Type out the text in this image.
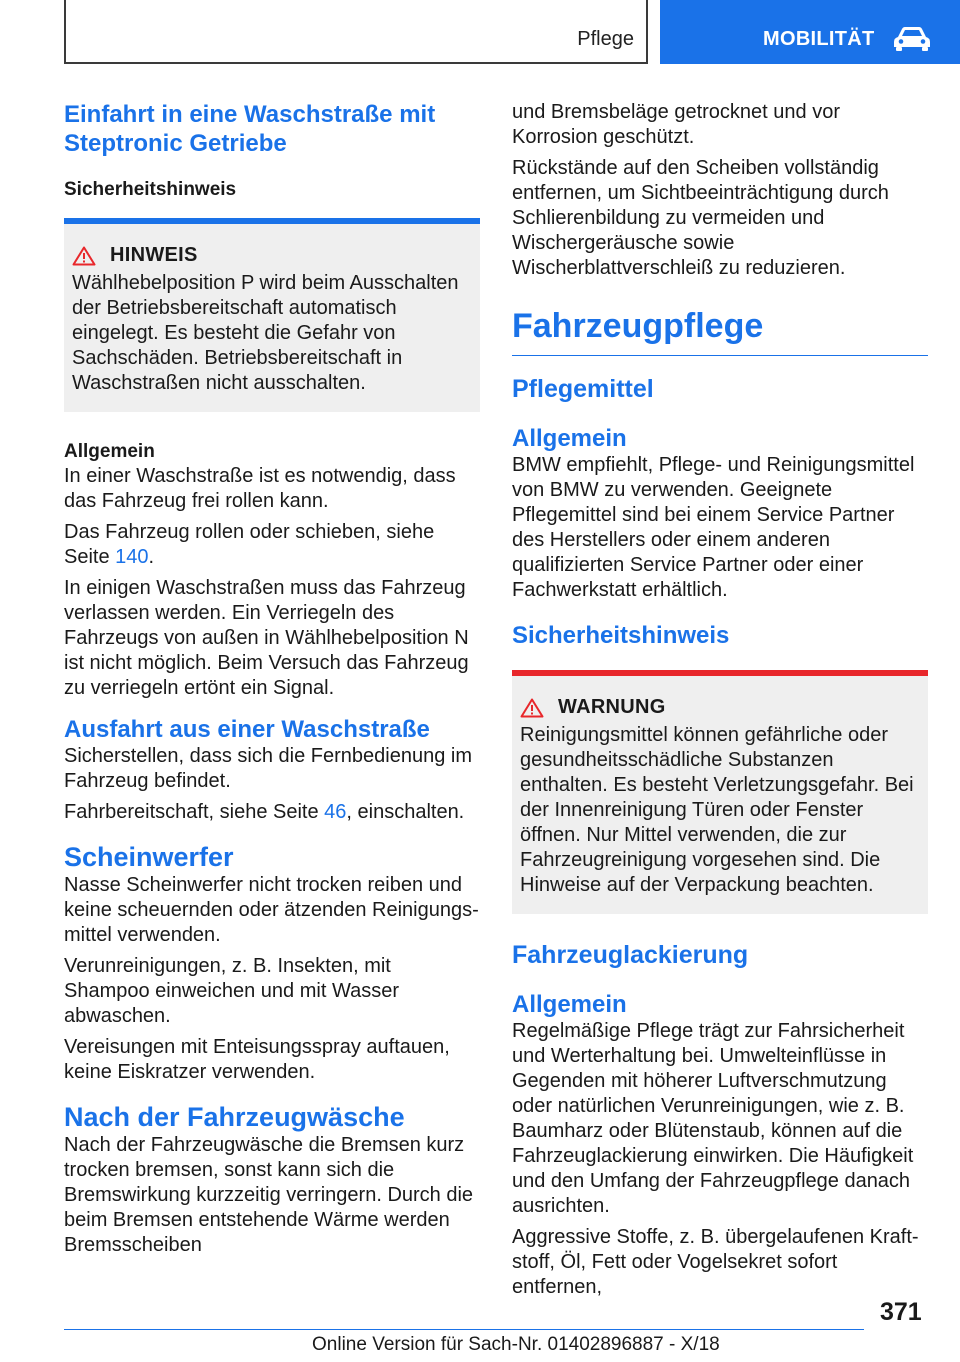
Pflege	MOBILITÄT
Einfahrt in eine Waschstraße mit Steptronic Getriebe
Sicherheitshinweis
HINWEIS

Wählhebelposition P wird beim Ausschalten der Betriebsbereitschaft automatisch eingelegt. Es besteht die Gefahr von Sachschäden. Betriebsbereitschaft in Waschstraßen nicht ausschalten.

Allgemein

In einer Waschstraße ist es notwendig, dass das Fahrzeug frei rollen kann.

Das Fahrzeug rollen oder schieben, siehe Seite 140.

In einigen Waschstraßen muss das Fahrzeug verlassen werden. Ein Verriegeln des Fahrzeugs von außen in Wählhebelposition N ist nicht möglich. Beim Versuch das Fahrzeug zu verriegeln ertönt ein Signal.

Ausfahrt aus einer Waschstraße

Sicherstellen, dass sich die Fernbedienung im Fahrzeug befindet.

Fahrbereitschaft, siehe Seite 46, einschalten.

Scheinwerfer

Nasse Scheinwerfer nicht trocken reiben und keine scheuernden oder ätzenden Reinigungsmittel verwenden.

Verunreinigungen, z. B. Insekten, mit Shampoo einweichen und mit Wasser abwaschen.

Vereisungen mit Enteisungsspray auftauen, keine Eiskratzer verwenden.

Nach der Fahrzeugwäsche

Nach der Fahrzeugwäsche die Bremsen kurz trocken bremsen, sonst kann sich die Bremswirkung kurzzeitig verringern. Durch die beim Bremsen entstehende Wärme werden Bremsscheiben

und Bremsbeläge getrocknet und vor Korrosion geschützt.

Rückstände auf den Scheiben vollständig entfernen, um Sichtbeeinträchtigung durch Schlierenbildung zu vermeiden und Wischergeräusche sowie Wischerblattverschleiß zu reduzieren.

Fahrzeugpflege
Pflegemittel
Allgemein

BMW empfiehlt, Pflege- und Reinigungsmittel von BMW zu verwenden. Geeignete Pflegemittel sind bei einem Service Partner des Herstellers oder einem anderen qualifizierten Service Partner oder einer Fachwerkstatt erhältlich.

Sicherheitshinweis
WARNUNG

Reinigungsmittel können gefährliche oder gesundheitsschädliche Substanzen enthalten. Es besteht Verletzungsgefahr. Bei der Innenreinigung Türen oder Fenster öffnen. Nur Mittel verwenden, die zur Fahrzeugreinigung vorgesehen sind. Die Hinweise auf der Verpackung beachten.

Fahrzeuglackierung
Allgemein

Regelmäßige Pflege trägt zur Fahrsicherheit und Werterhaltung bei. Umwelteinflüsse in Gegenden mit höherer Luftverschmutzung oder natürlichen Verunreinigungen, wie z. B. Baumharz oder Blütenstaub, können auf die Fahrzeuglackierung einwirken. Die Häufigkeit und den Umfang der Fahrzeugpflege danach ausrichten.

Aggressive Stoffe, z. B. übergelaufenen Kraftstoff, Öl, Fett oder Vogelsekret sofort entfernen,

371
Online Version für Sach-Nr. 01402896887 - X/18
